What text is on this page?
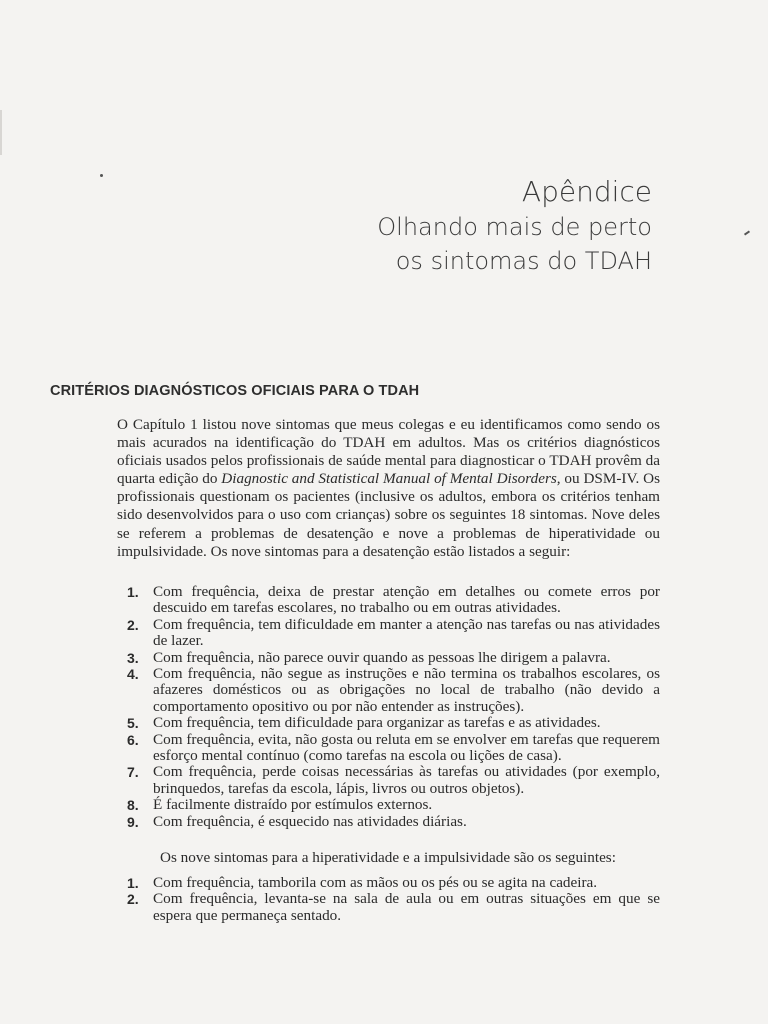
Apêndice
Olhando mais de perto
os sintomas do TDAH
CRITÉRIOS DIAGNÓSTICOS OFICIAIS PARA O TDAH

O Capítulo 1 listou nove sintomas que meus colegas e eu identificamos como sendo os mais acurados na identificação do TDAH em adultos. Mas os critérios diagnósticos oficiais usados pelos profissionais de saúde mental para diagnosticar o TDAH provêm da quarta edição do Diagnostic and Statistical Manual of Mental Disorders, ou DSM-IV. Os profissionais questionam os pacientes (inclusive os adultos, embora os critérios tenham sido desenvolvidos para o uso com crianças) sobre os seguintes 18 sintomas. Nove deles se referem a problemas de desatenção e nove a problemas de hiperatividade ou impulsividade. Os nove sintomas para a desatenção estão listados a seguir:

1. Com frequência, deixa de prestar atenção em detalhes ou comete erros por descuido em tarefas escolares, no trabalho ou em outras atividades.
2. Com frequência, tem dificuldade em manter a atenção nas tarefas ou nas atividades de lazer.
3. Com frequência, não parece ouvir quando as pessoas lhe dirigem a palavra.
4. Com frequência, não segue as instruções e não termina os trabalhos escolares, os afazeres domésticos ou as obrigações no local de trabalho (não devido a comportamento opositivo ou por não entender as instruções).
5. Com frequência, tem dificuldade para organizar as tarefas e as atividades.
6. Com frequência, evita, não gosta ou reluta em se envolver em tarefas que requerem esforço mental contínuo (como tarefas na escola ou lições de casa).
7. Com frequência, perde coisas necessárias às tarefas ou atividades (por exemplo, brinquedos, tarefas da escola, lápis, livros ou outros objetos).
8. É facilmente distraído por estímulos externos.
9. Com frequência, é esquecido nas atividades diárias.
Os nove sintomas para a hiperatividade e a impulsividade são os seguintes:
1. Com frequência, tamborila com as mãos ou os pés ou se agita na cadeira.
2. Com frequência, levanta-se na sala de aula ou em outras situações em que se espera que permaneça sentado.
